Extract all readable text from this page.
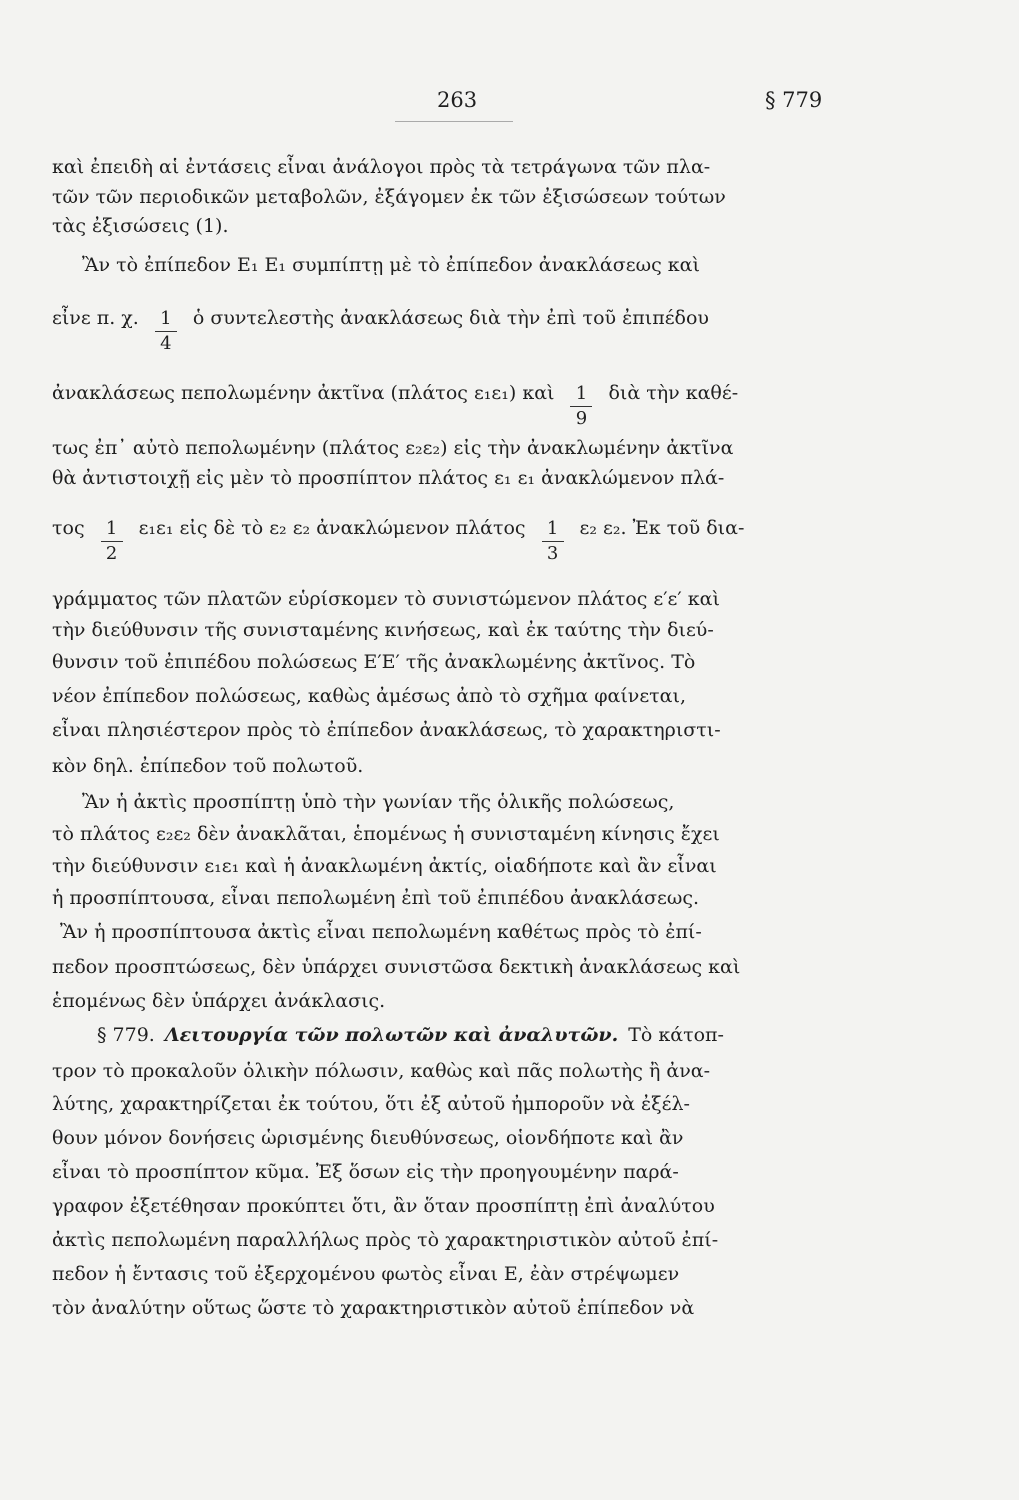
263	§ 779
καὶ ἐπειδὴ αἱ ἐντάσεις εἶναι ἀνάλογοι πρὸς τὰ τετράγωνα τῶν πλα-
τῶν τῶν περιοδικῶν μεταβολῶν, ἐξάγομεν ἐκ τῶν ἐξισώσεων τούτων
τὰς ἐξισώσεις (1).
Ἂν τὸ ἐπίπεδον E₁ E₁ συμπίπτῃ μὲ τὸ ἐπίπεδον ἀνακλάσεως καὶ
εἶνε π. χ. $\frac{1}{4}$ ὁ συντελεστὴς ἀνακλάσεως διὰ τὴν ἐπὶ τοῦ ἐπιπέδου
ἀνακλάσεως πεπολωμένην ἀκτῖνα (πλάτος ε₁ε₁) καὶ $\frac{1}{9}$ διὰ τὴν καθέ-
τως ἐπ᾽ αὐτὸ πεπολωμένην (πλάτος ε₂ε₂) εἰς τὴν ἀνακλωμένην ἀκτῖνα
θὰ ἀντιστοιχῇ εἰς μὲν τὸ προσπίπτον πλάτος ε₁ ε₁ ἀνακλώμενον πλά-
τος $\frac{1}{2} \varepsilon_1\varepsilon_1$ εἰς δὲ τὸ ε₂ ε₂ ἀνακλώμενον πλάτος $\frac{1}{3} \varepsilon_2$ ε₂. Ἐκ τοῦ δια-
γράμματος τῶν πλατῶν εὑρίσκομεν τὸ συνιστώμενον πλάτος ε′ε′ καὶ
τὴν διεύθυνσιν τῆς συνισταμένης κινήσεως, καὶ ἐκ ταύτης τὴν διεύ-
θυνσιν τοῦ ἐπιπέδου πολώσεως E′E′ τῆς ἀνακλωμένης ἀκτῖνος. Τὸ
νέον ἐπίπεδον πολώσεως, καθὼς ἀμέσως ἀπὸ τὸ σχῆμα φαίνεται,
εἶναι πλησιέστερον πρὸς τὸ ἐπίπεδον ἀνακλάσεως, τὸ χαρακτηριστι-
κὸν δηλ. ἐπίπεδον τοῦ πολωτοῦ.
Ἂν ἡ ἀκτὶς προσπίπτῃ ὑπὸ τὴν γωνίαν τῆς ὁλικῆς πολώσεως,
τὸ πλάτος ε₂ε₂ δὲν ἀνακλᾶται, ἑπομένως ἡ συνισταμένη κίνησις ἔχει
τὴν διεύθυνσιν ε₁ε₁ καὶ ἡ ἀνακλωμένη ἀκτίς, οἱαδήποτε καὶ ἂν εἶναι
ἡ προσπίπτουσα, εἶναι πεπολωμένη ἐπὶ τοῦ ἐπιπέδου ἀνακλάσεως.
Ἂν ἡ προσπίπτουσα ἀκτὶς εἶναι πεπολωμένη καθέτως πρὸς τὸ ἐπί-
πεδον προσπτώσεως, δὲν ὑπάρχει συνιστῶσα δεκτικὴ ἀνακλάσεως καὶ
ἑπομένως δὲν ὑπάρχει ἀνάκλασις.
§ 779. Λειτουργία τῶν πολωτῶν καὶ ἀναλυτῶν. Τὸ κάτοπ-
τρον τὸ προκαλοῦν ὁλικὴν πόλωσιν, καθὼς καὶ πᾶς πολωτὴς ἢ ἀνα-
λύτης, χαρακτηρίζεται ἐκ τούτου, ὅτι ἐξ αὐτοῦ ἠμποροῦν νὰ ἐξέλ-
θουν μόνον δονήσεις ὡρισμένης διευθύνσεως, οἱονδήποτε καὶ ἂν
εἶναι τὸ προσπίπτον κῦμα. Ἐξ ὅσων εἰς τὴν προηγουμένην παρά-
γραφον ἐξετέθησαν προκύπτει ὅτι, ἂν ὅταν προσπίπτῃ ἐπὶ ἀναλύτου
ἀκτὶς πεπολωμένη παραλλήλως πρὸς τὸ χαρακτηριστικὸν αὐτοῦ ἐπί-
πεδον ἡ ἔντασις τοῦ ἐξερχομένου φωτὸς εἶναι E, ἐὰν στρέψωμεν
τὸν ἀναλύτην οὕτως ὥστε τὸ χαρακτηριστικὸν αὐτοῦ ἐπίπεδον νὰ
